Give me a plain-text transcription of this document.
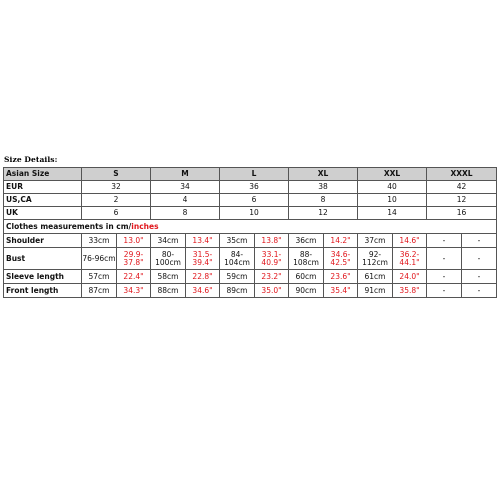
Size Details:
Asian Size	S		M		L		XL		XXL		XXXL	
EUR	32		34		36		38		40		42	
US,CA	2		4		6		8		10		12	
UK	6		8		10		12		14		16	
Clothes measurements in cm/inches												
Shoulder	33cm	13.0"	34cm	13.4"	35cm	13.8"	36cm	14.2"	37cm	14.6"	-	-
Bust	76-96cm	29.9-37.8"	80-100cm	31.5-39.4"	84-104cm	33.1-40.9"	88-108cm	34.6-42.5"	92-112cm	36.2-44.1"	-	-
Sleeve length	57cm	22.4"	58cm	22.8"	59cm	23.2"	60cm	23.6"	61cm	24.0"	-	-
Front length	87cm	34.3"	88cm	34.6"	89cm	35.0"	90cm	35.4"	91cm	35.8"	-	-
